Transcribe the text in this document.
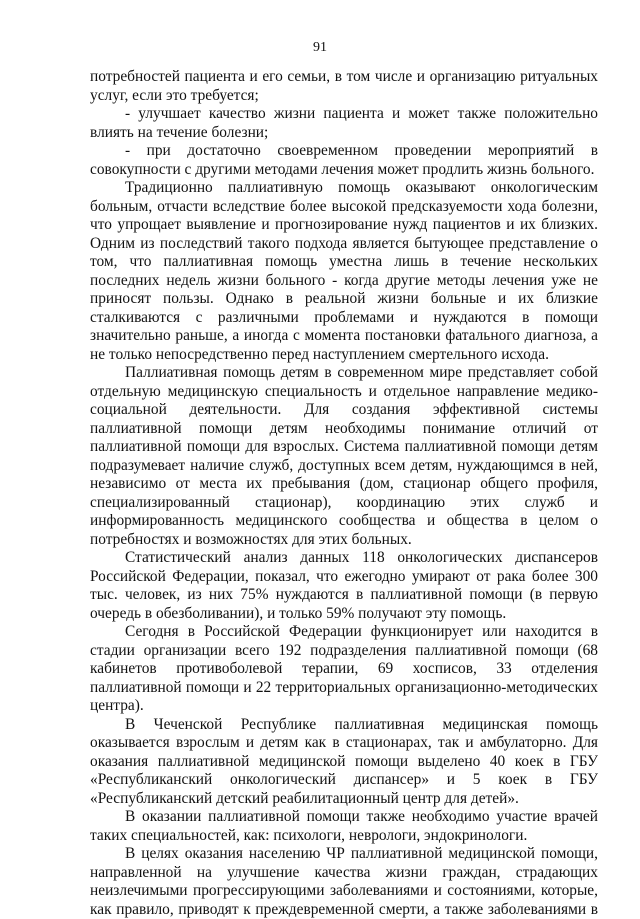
91

потребностей пациента и его семьи, в том числе и организацию ритуальных услуг, если это требуется;

- улучшает качество жизни пациента и может также положительно влиять на течение болезни;

- при достаточно своевременном проведении мероприятий в совокупности с другими методами лечения может продлить жизнь больного.

Традиционно паллиативную помощь оказывают онкологическим больным, отчасти вследствие более высокой предсказуемости хода болезни, что упрощает выявление и прогнозирование нужд пациентов и их близких. Одним из последствий такого подхода является бытующее представление о том, что паллиативная помощь уместна лишь в течение нескольких последних недель жизни больного - когда другие методы лечения уже не приносят пользы. Однако в реальной жизни больные и их близкие сталкиваются с различными проблемами и нуждаются в помощи значительно раньше, а иногда с момента постановки фатального диагноза, а не только непосредственно перед наступлением смертельного исхода.

Паллиативная помощь детям в современном мире представляет собой отдельную медицинскую специальность и отдельное направление медико-социальной деятельности. Для создания эффективной системы паллиативной помощи детям необходимы понимание отличий от паллиативной помощи для взрослых. Система паллиативной помощи детям подразумевает наличие служб, доступных всем детям, нуждающимся в ней, независимо от места их пребывания (дом, стационар общего профиля, специализированный стационар), координацию этих служб и информированность медицинского сообщества и общества в целом о потребностях и возможностях для этих больных.

Статистический анализ данных 118 онкологических диспансеров Российской Федерации, показал, что ежегодно умирают от рака более 300 тыс. человек, из них 75% нуждаются в паллиативной помощи (в первую очередь в обезболивании), и только 59% получают эту помощь.

Сегодня в Российской Федерации функционирует или находится в стадии организации всего 192 подразделения паллиативной помощи (68 кабинетов противоболевой терапии, 69 хосписов, 33 отделения паллиативной помощи и 22 территориальных организационно-методических центра).

В Чеченской Республике паллиативная медицинская помощь оказывается взрослым и детям как в стационарах, так и амбулаторно. Для оказания паллиативной медицинской помощи выделено 40 коек в ГБУ «Республиканский онкологический диспансер» и 5 коек в ГБУ «Республиканский детский реабилитационный центр для детей».

В оказании паллиативной помощи также необходимо участие врачей таких специальностей, как: психологи, неврологи, эндокринологи.

В целях оказания населению ЧР паллиативной медицинской помощи, направленной на улучшение качества жизни граждан, страдающих неизлечимыми прогрессирующими заболеваниями и состояниями, которые, как правило, приводят к преждевременной смерти, а также заболеваниями в
